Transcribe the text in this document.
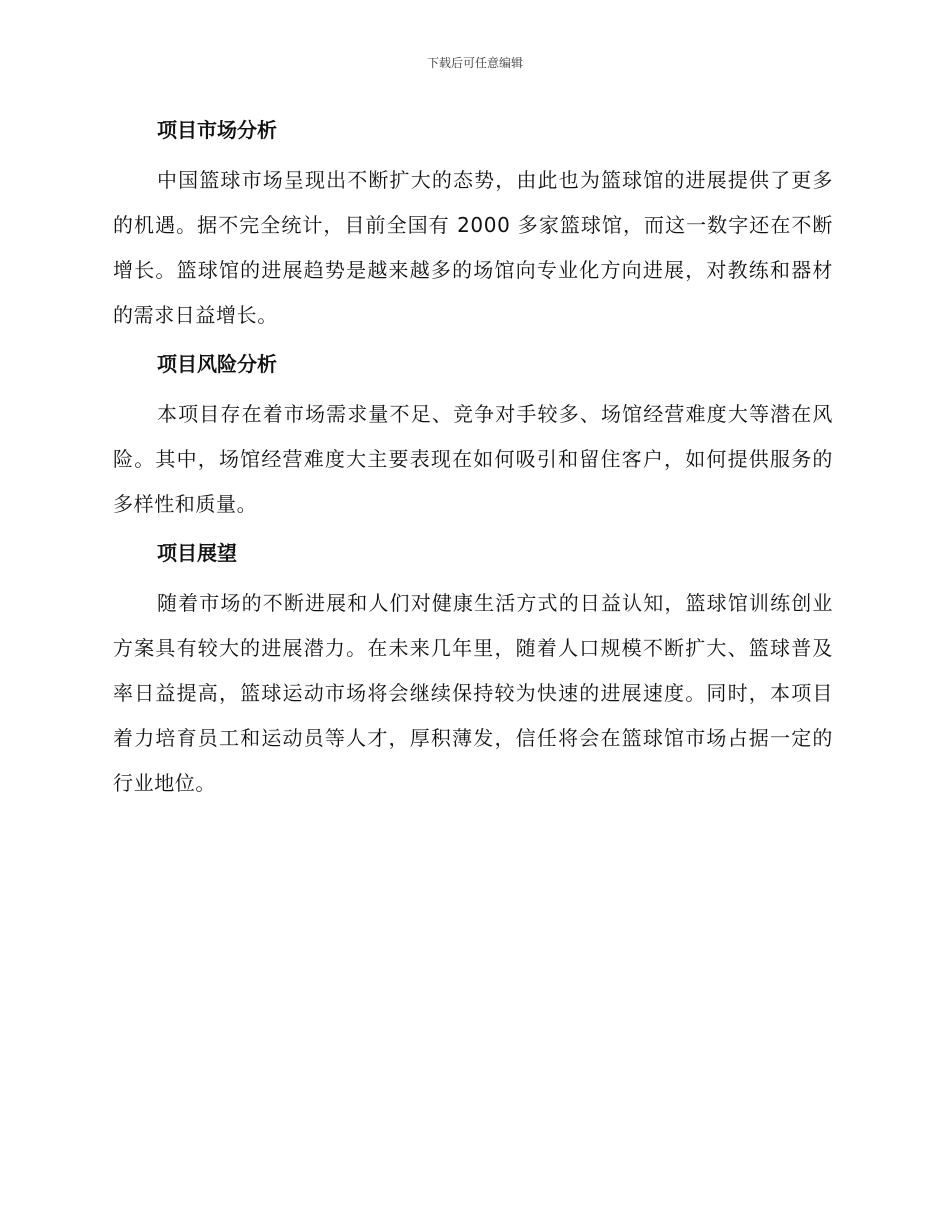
下载后可任意编辑
项目市场分析

中国篮球市场呈现出不断扩大的态势，由此也为篮球馆的进展提供了更多的机遇。据不完全统计，目前全国有 2000 多家篮球馆，而这一数字还在不断增长。篮球馆的进展趋势是越来越多的场馆向专业化方向进展，对教练和器材的需求日益增长。

项目风险分析

本项目存在着市场需求量不足、竞争对手较多、场馆经营难度大等潜在风险。其中，场馆经营难度大主要表现在如何吸引和留住客户，如何提供服务的多样性和质量。

项目展望

随着市场的不断进展和人们对健康生活方式的日益认知，篮球馆训练创业方案具有较大的进展潜力。在未来几年里，随着人口规模不断扩大、篮球普及率日益提高，篮球运动市场将会继续保持较为快速的进展速度。同时，本项目着力培育员工和运动员等人才，厚积薄发，信任将会在篮球馆市场占据一定的行业地位。
